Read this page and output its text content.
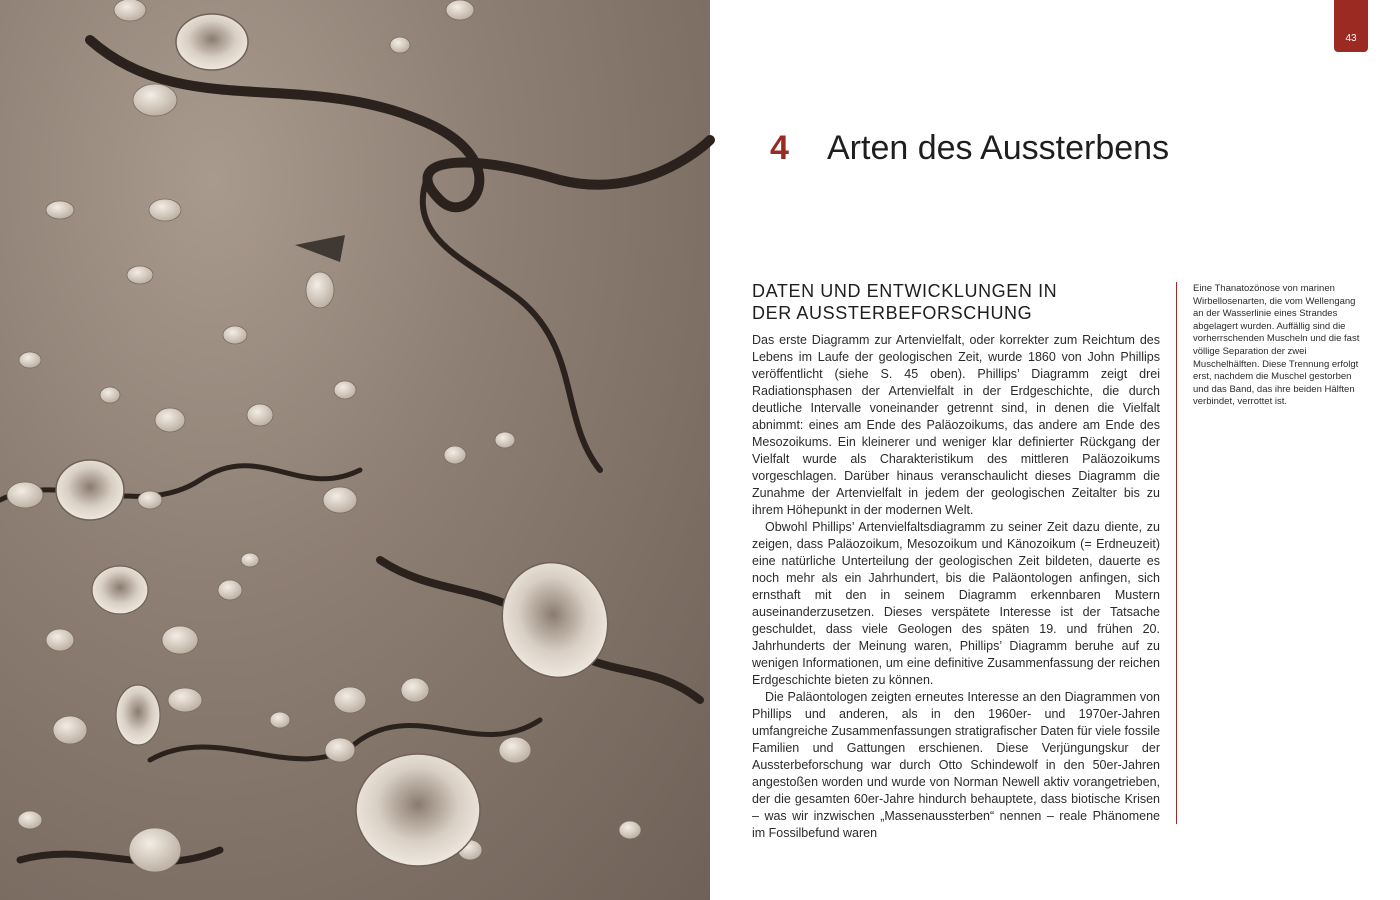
43
4 Arten des Aussterbens
DATEN UND ENTWICKLUNGEN IN
DER AUSSTERBEFORSCHUNG

Das erste Diagramm zur Artenvielfalt, oder korrekter zum Reichtum des Lebens im Laufe der geologischen Zeit, wurde 1860 von John Phillips veröffentlicht (siehe S. 45 oben). Phillips’ Diagramm zeigt drei Radiationsphasen der Artenvielfalt in der Erdgeschichte, die durch deutliche Intervalle voneinander getrennt sind, in denen die Vielfalt abnimmt: eines am Ende des Paläozoikums, das andere am Ende des Mesozoikums. Ein kleinerer und weniger klar definierter Rückgang der Vielfalt wurde als Charakteristikum des mittleren Paläozoikums vorgeschlagen. Darüber hinaus veranschaulicht dieses Diagramm die Zunahme der Artenvielfalt in jedem der geologischen Zeitalter bis zu ihrem Höhepunkt in der modernen Welt.

Obwohl Phillips’ Artenvielfaltsdiagramm zu seiner Zeit dazu diente, zu zeigen, dass Paläozoikum, Mesozoikum und Känozoikum (= Erdneuzeit) eine natürliche Unterteilung der geologischen Zeit bildeten, dauerte es noch mehr als ein Jahrhundert, bis die Paläontologen anfingen, sich ernsthaft mit den in seinem Diagramm erkennbaren Mustern auseinanderzusetzen. Dieses verspätete Interesse ist der Tatsache geschuldet, dass viele Geologen des späten 19. und frühen 20. Jahrhunderts der Meinung waren, Phillips’ Diagramm beruhe auf zu wenigen Informationen, um eine definitive Zusammenfassung der reichen Erdgeschichte bieten zu können.

Die Paläontologen zeigten erneutes Interesse an den Diagrammen von Phillips und anderen, als in den 1960er- und 1970er-Jahren umfangreiche Zusammenfassungen stratigrafischer Daten für viele fossile Familien und Gattungen erschienen. Diese Verjüngungskur der Aussterbeforschung war durch Otto Schindewolf in den 50er-Jahren angestoßen worden und wurde von Norman Newell aktiv vorangetrieben, der die gesamten 60er-Jahre hindurch behauptete, dass biotische Krisen – was wir inzwischen „Massenaussterben“ nennen – reale Phänomene im Fossilbefund waren

Eine Thanatozönose von marinen Wirbellosenarten, die vom Wellengang an der Wasserlinie eines Strandes abgelagert wurden. Auffällig sind die vorherrschenden Muscheln und die fast völlige Separation der zwei Muschelhälften. Diese Trennung erfolgt erst, nachdem die Muschel gestorben und das Band, das ihre beiden Hälften verbindet, verrottet ist.
